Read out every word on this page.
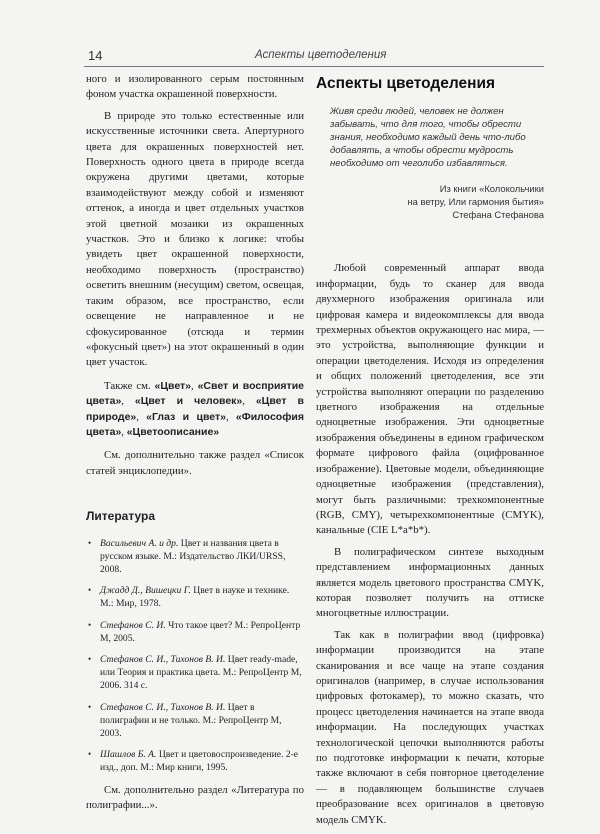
14	Аспекты цветоделения

ного и изолированного серым постоянным фоном участка окрашенной поверхности.

В природе это только естественные или искусственные источники света. Апертурного цвета для окрашенных поверхностей нет. Поверхность одного цвета в природе всегда окружена другими цветами, которые взаимодействуют между собой и изменяют оттенок, а иногда и цвет отдельных участков этой цветной мозаики из окрашенных участков. Это и близко к логике: чтобы увидеть цвет окрашенной поверхности, необходимо поверхность (пространство) осветить внешним (несущим) светом, освещая, таким образом, все пространство, если освещение не направленное и не сфокусированное (отсюда и термин «фокусный цвет») на этот окрашенный в один цвет участок.

Также см. «Цвет», «Свет и восприятие цвета», «Цвет и человек», «Цвет в природе», «Глаз и цвет», «Философия цвета», «Цветоописание»

См. дополнительно также раздел «Список статей энциклопедии».

Литература
• Васильевич А. и др. Цвет и названия цвета в русском языке. М.: Издательство ЛКИ/URSS, 2008.
• Джадд Д., Вишецки Г. Цвет в науке и технике. М.: Мир, 1978.
• Стефанов С. И. Что такое цвет? М.: РепроЦентр М, 2005.
• Стефанов С. И., Тихонов В. И. Цвет ready-made, или Теория и практика цвета. М.: РепроЦентр М, 2006. 314 с.
• Стефанов С. И., Тихонов В. И. Цвет в полиграфии и не только. М.: РепроЦентр М, 2003.
• Шашлов Б. А. Цвет и цветовоспроизведение. 2-е изд., доп. М.: Мир книги, 1995.

См. дополнительно раздел «Литература по полиграфии...».

Аспекты цветоделения
Живя среди людей, человек не должен забывать, что для того, чтобы обрести знания, необходимо каждый день что-либо добавлять, а чтобы обрести мудрость необходимо от чеголибо избавляться.
Из книги «Колокольчики
на ветру, Или гармония бытия»
Стефана Стефанова

Любой современный аппарат ввода информации, будь то сканер для ввода двухмерного изображения оригинала или цифровая камера и видеокомплексы для ввода трехмерных объектов окружающего нас мира, — это устройства, выполняющие функции и операции цветоделения. Исходя из определения и общих положений цветоделения, все эти устройства выполняют операции по разделению цветного изображения на отдельные одноцветные изображения. Эти одноцветные изображения объединены в едином графическом формате цифрового файла (оцифрованное изображение). Цветовые модели, объединяющие одноцветные изображения (представления), могут быть различными: трехкомпонентные (RGB, CMY), четырехкомпонентные (CMYK), канальные (CIE L*a*b*).

В полиграфическом синтезе выходным представлением информационных данных является модель цветового пространства CMYK, которая позволяет получить на оттиске многоцветные иллюстрации.

Так как в полиграфии ввод (цифровка) информации производится на этапе сканирования и все чаще на этапе создания оригиналов (например, в случае использования цифровых фотокамер), то можно сказать, что процесс цветоделения начинается на этапе ввода информации. На последующих участках технологической цепочки выполняются работы по подготовке информации к печати, которые также включают в себя повторное цветоделение — в подавляющем большинстве случаев преобразование всех оригиналов в цветовую модель CMYK.
